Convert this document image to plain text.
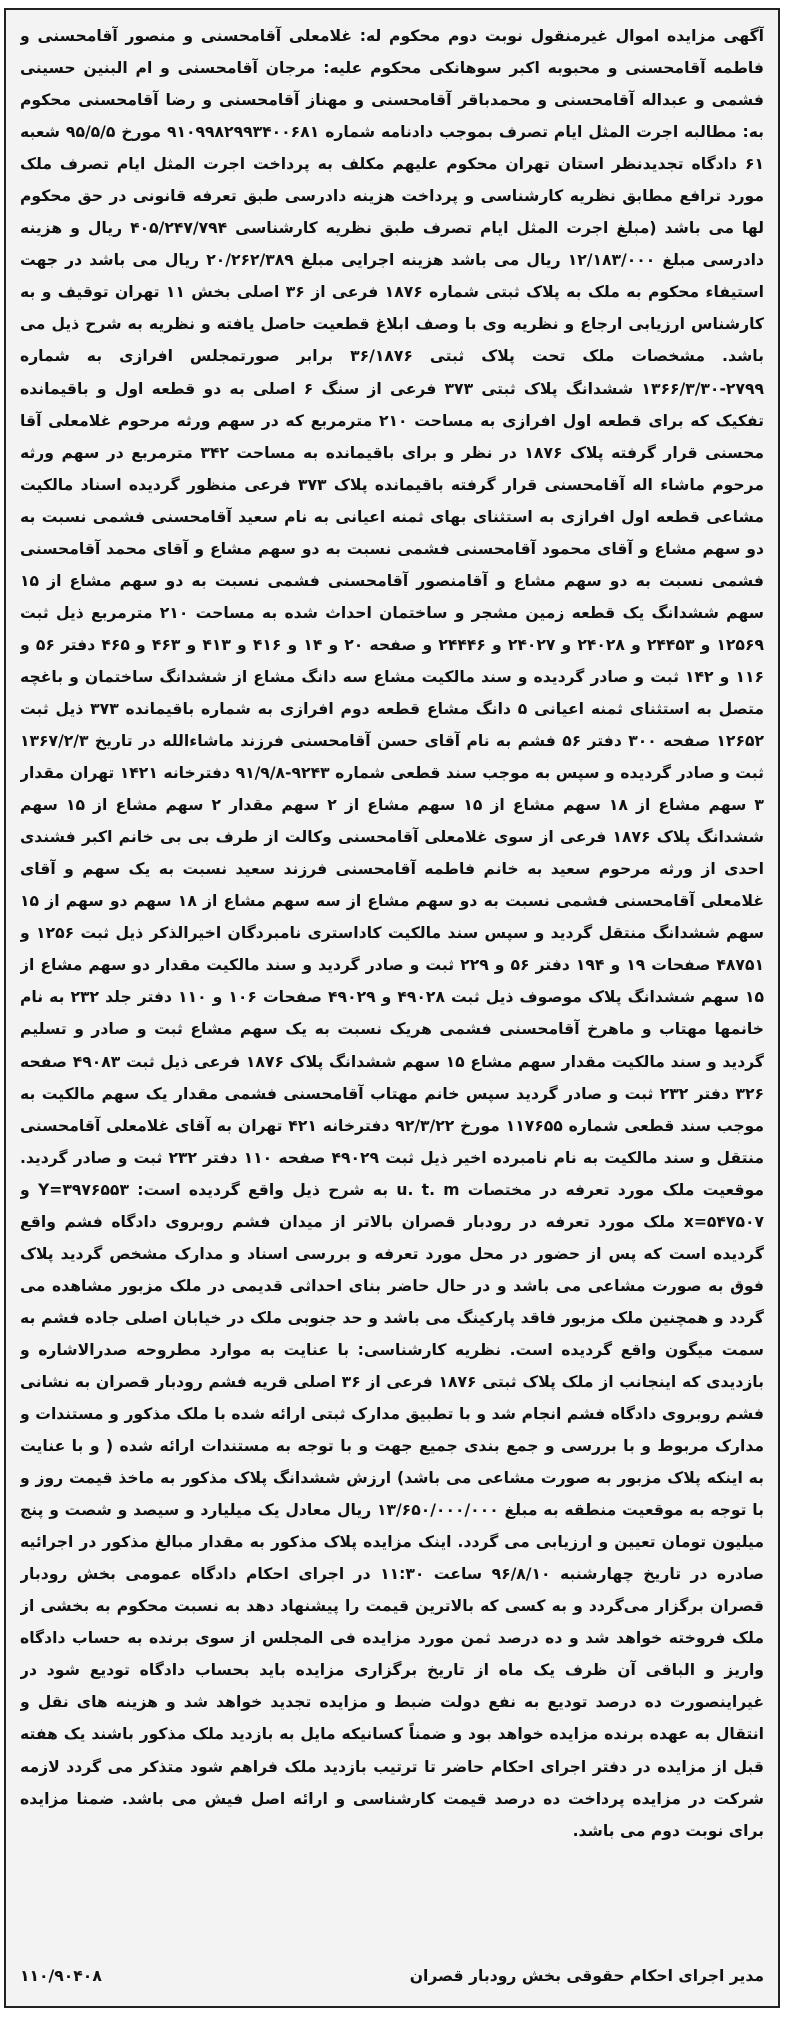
آگهی مزایده اموال غیرمنقول نوبت دوم محکوم له: غلامعلی آقامحسنی و منصور آقامحسنی و فاطمه آقامحسنی و محبوبه اکبر سوهانکی محکوم علیه: مرجان آقامحسنی و ام البنین حسینی فشمی و عبداله آقامحسنی و محمدباقر آقامحسنی و مهناز آقامحسنی و رضا آقامحسنی محکوم به: مطالبه اجرت المثل ایام تصرف بموجب دادنامه شماره ۹۱۰۹۹۸۲۹۹۳۴۰۰۶۸۱ مورخ ۹۵/۵/۵ شعبه ۶۱ دادگاه تجدیدنظر استان تهران محکوم علیهم مکلف به پرداخت اجرت المثل ایام تصرف ملک مورد ترافع مطابق نظریه کارشناسی و پرداخت هزینه دادرسی طبق تعرفه قانونی در حق محکوم لها می باشد (مبلغ اجرت المثل ایام تصرف طبق نظریه کارشناسی ۴۰۵/۲۴۷/۷۹۴ ریال و هزینه دادرسی مبلغ ۱۲/۱۸۳/۰۰۰ ریال می باشد هزینه اجرایی مبلغ ۲۰/۲۶۲/۳۸۹ ریال می باشد در جهت استیفاء محکوم به ملک به پلاک ثبتی شماره ۱۸۷۶ فرعی از ۳۶ اصلی بخش ۱۱ تهران توقیف و به کارشناس ارزیابی ارجاع و نظریه وی با وصف ابلاغ قطعیت حاصل یافته و نظریه به شرح ذیل می باشد. مشخصات ملک تحت پلاک ثبتی ۳۶/۱۸۷۶ برابر صورتمجلس افرازی به شماره ۲۷۹۹-۱۳۶۶/۳/۳۰ ششدانگ پلاک ثبتی ۳۷۳ فرعی از سنگ ۶ اصلی به دو قطعه اول و باقیمانده تفکیک که برای قطعه اول افرازی به مساحت ۲۱۰ مترمربع که در سهم ورثه مرحوم غلامعلی آقا محسنی قرار گرفته پلاک ۱۸۷۶ در نظر و برای باقیمانده به مساحت ۳۴۲ مترمربع در سهم ورثه مرحوم ماشاء اله آقامحسنی قرار گرفته باقیمانده پلاک ۳۷۳ فرعی منظور گردیده اسناد مالکیت مشاعی قطعه اول افرازی به استثنای بهای ثمنه اعیانی به نام سعید آقامحسنی فشمی نسبت به دو سهم مشاع و آقای محمود آقامحسنی فشمی نسبت به دو سهم مشاع و آقای محمد آقامحسنی فشمی نسبت به دو سهم مشاع و آقامنصور آقامحسنی فشمی نسبت به دو سهم مشاع از ۱۵ سهم ششدانگ یک قطعه زمین مشجر و ساختمان احداث شده به مساحت ۲۱۰ مترمربع ذیل ثبت ۱۲۵۶۹ و ۲۴۴۵۳ و ۲۴۰۲۸ و ۲۴۰۲۷ و ۲۴۴۴۶ و صفحه ۲۰ و ۱۴ و ۴۱۶ و ۴۱۳ و ۴۶۳ و ۴۶۵ دفتر ۵۶ و ۱۱۶ و ۱۴۲ ثبت و صادر گردیده و سند مالکیت مشاع سه دانگ مشاع از ششدانگ ساختمان و باغچه متصل به استثنای ثمنه اعیانی ۵ دانگ مشاع قطعه دوم افرازی به شماره باقیمانده ۳۷۳ ذیل ثبت ۱۲۶۵۲ صفحه ۳۰۰ دفتر ۵۶ فشم به نام آقای حسن آقامحسنی فرزند ماشاءالله در تاریخ ۱۳۶۷/۲/۳ ثبت و صادر گردیده و سپس به موجب سند قطعی شماره ۹۲۴۳-۹۱/۹/۸ دفترخانه ۱۴۲۱ تهران مقدار ۳ سهم مشاع از ۱۸ سهم مشاع از ۱۵ سهم مشاع از ۲ سهم مقدار ۲ سهم مشاع از ۱۵ سهم ششدانگ پلاک ۱۸۷۶ فرعی از سوی غلامعلی آقامحسنی وکالت از طرف بی بی خانم اکبر فشندی احدی از ورثه مرحوم سعید به خانم فاطمه آقامحسنی فرزند سعید نسبت به یک سهم و آقای غلامعلی آقامحسنی فشمی نسبت به دو سهم مشاع از سه سهم مشاع از ۱۸ سهم دو سهم از ۱۵ سهم ششدانگ منتقل گردید و سپس سند مالکیت کاداستری نامبردگان اخیرالذکر ذیل ثبت ۱۲۵۶ و ۴۸۷۵۱ صفحات ۱۹ و ۱۹۴ دفتر ۵۶ و ۲۲۹ ثبت و صادر گردید و سند مالکیت مقدار دو سهم مشاع از ۱۵ سهم ششدانگ پلاک موصوف ذیل ثبت ۴۹۰۲۸ و ۴۹۰۲۹ صفحات ۱۰۶ و ۱۱۰ دفتر جلد ۲۳۲ به نام خانمها مهتاب و ماهرخ آقامحسنی فشمی هریک نسبت به یک سهم مشاع ثبت و صادر و تسلیم گردید و سند مالکیت مقدار سهم مشاع ۱۵ سهم ششدانگ پلاک ۱۸۷۶ فرعی ذیل ثبت ۴۹۰۸۳ صفحه ۳۲۶ دفتر ۲۳۲ ثبت و صادر گردید سپس خانم مهتاب آقامحسنی فشمی مقدار یک سهم مالکیت به موجب سند قطعی شماره ۱۱۷۶۵۵ مورخ ۹۲/۳/۲۲ دفترخانه ۴۲۱ تهران به آقای غلامعلی آقامحسنی منتقل و سند مالکیت به نام نامبرده اخیر ذیل ثبت ۴۹۰۲۹ صفحه ۱۱۰ دفتر ۲۳۲ ثبت و صادر گردید. موقعیت ملک مورد تعرفه در مختصات u. t. m به شرح ذیل واقع گردیده است: ۳۹۷۶۵۵۳=Y و ۵۴۷۵۰۷=x ملک مورد تعرفه در رودبار قصران بالاتر از میدان فشم روبروی دادگاه فشم واقع گردیده است که پس از حضور در محل مورد تعرفه و بررسی اسناد و مدارک مشخص گردید پلاک فوق به صورت مشاعی می باشد و در حال حاضر بنای احداثی قدیمی در ملک مزبور مشاهده می گردد و همچنین ملک مزبور فاقد پارکینگ می باشد و حد جنوبی ملک در خیابان اصلی جاده فشم به سمت میگون واقع گردیده است. نظریه کارشناسی: با عنایت به موارد مطروحه صدرالاشاره و بازدیدی که اینجانب از ملک پلاک ثبتی ۱۸۷۶ فرعی از ۳۶ اصلی قریه فشم رودبار قصران به نشانی فشم روبروی دادگاه فشم انجام شد و با تطبیق مدارک ثبتی ارائه شده با ملک مذکور و مستندات و مدارک مربوط و با بررسی و جمع بندی جمیع جهت و با توجه به مستندات ارائه شده ( و با عنایت به اینکه پلاک مزبور به صورت مشاعی می باشد) ارزش ششدانگ پلاک مذکور به ماخذ قیمت روز و با توجه به موقعیت منطقه به مبلغ ۱۳/۶۵۰/۰۰۰/۰۰۰ ریال معادل یک میلیارد و سیصد و شصت و پنج میلیون تومان تعیین و ارزیابی می گردد. اینک مزایده پلاک مذکور به مقدار مبالغ مذکور در اجرائیه صادره در تاریخ چهارشنبه ۹۶/۸/۱۰ ساعت ۱۱:۳۰ در اجرای احکام دادگاه عمومی بخش رودبار قصران برگزار می‌گردد و به کسی که بالاترین قیمت را پیشنهاد دهد به نسبت محکوم به بخشی از ملک فروخته خواهد شد و ده درصد ثمن مورد مزایده فی المجلس از سوی برنده به حساب دادگاه واریز و الباقی آن ظرف یک ماه از تاریخ برگزاری مزایده باید بحساب دادگاه تودیع شود در غیراینصورت ده درصد تودیع به نفع دولت ضبط و مزایده تجدید خواهد شد و هزینه های نقل و انتقال به عهده برنده مزایده خواهد بود و ضمناً کسانیکه مایل به بازدید ملک مذکور باشند یک هفته قبل از مزایده در دفتر اجرای احکام حاضر تا ترتیب بازدید ملک فراهم شود متذکر می گردد لازمه شرکت در مزایده پرداخت ده درصد قیمت کارشناسی و ارائه اصل فیش می باشد. ضمنا مزایده برای نوبت دوم می باشد.

مدیر اجرای احکام حقوقی بخش رودبار قصران
۱۱۰/۹۰۴۰۸
